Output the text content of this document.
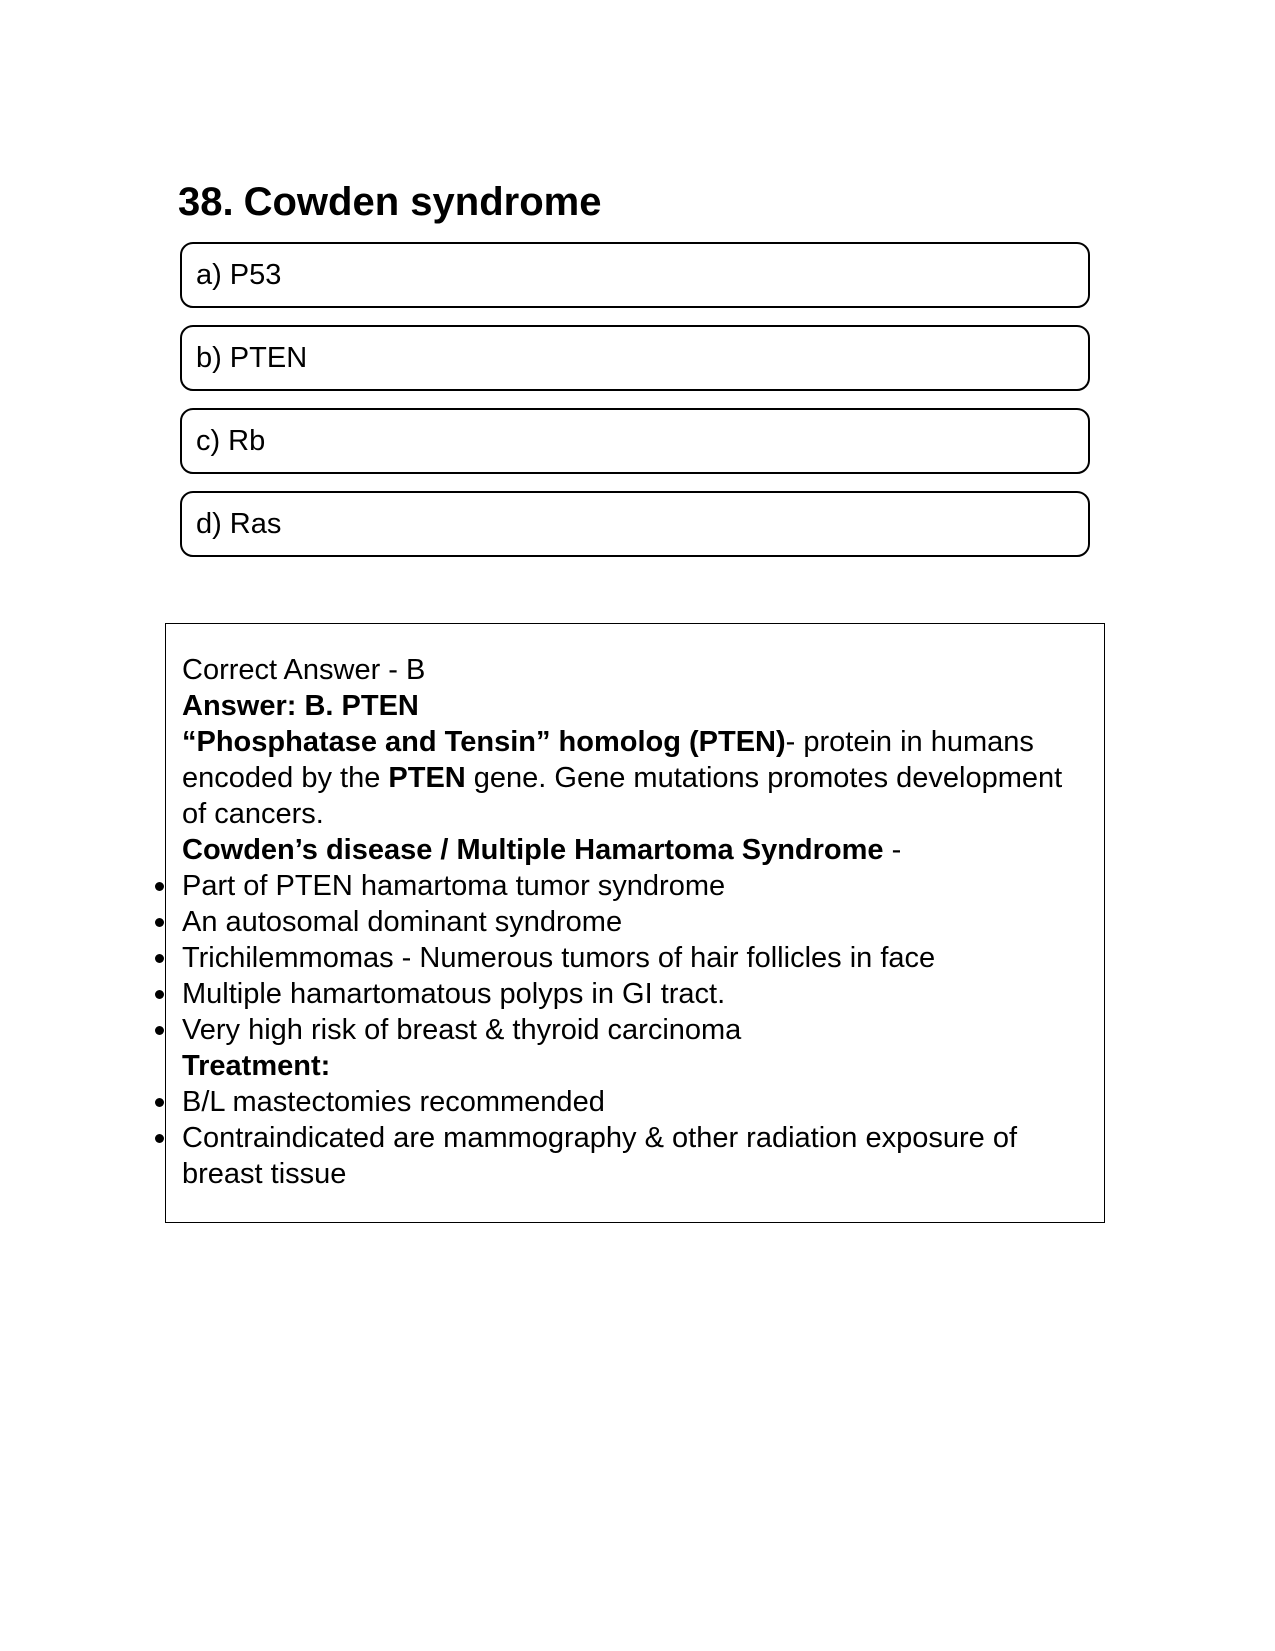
38. Cowden syndrome
a) P53
b) PTEN
c) Rb
d) Ras

Correct Answer - B

Answer: B. PTEN

“Phosphatase and Tensin” homolog (PTEN)- protein in humans encoded by the PTEN gene. Gene mutations promotes development of cancers.

Cowden’s disease / Multiple Hamartoma Syndrome -

Part of PTEN hamartoma tumor syndrome
An autosomal dominant syndrome
Trichilemmomas - Numerous tumors of hair follicles in face
Multiple hamartomatous polyps in GI tract.
Very high risk of breast & thyroid carcinoma

Treatment:

B/L mastectomies recommended
Contraindicated are mammography & other radiation exposure of breast tissue
